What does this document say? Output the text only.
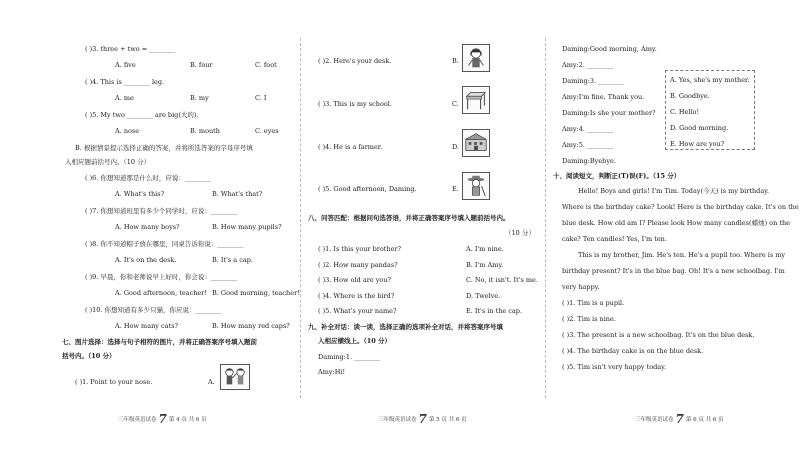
( )3. three + two = ________
A. five	B. four	C. foot
( )4. This is ________ leg.
A. me	B. my	C. I
( )5. My two ________ are big(大的).
A. nose	B. mouth	C. eyes
B. 根据情景提示选择正确的答案，并将所选答案的字母序号填
入相应题前括号内。（10 分）
( )6. 你想知道那是什么时，应说：________
A. What's this?	B. What's that?
( )7. 你想知道班里有多少个同学时，应说：________
A. How many boys?	B. How many pupils?
( )8. 你不知道帽子放在哪里，同桌告诉你说：________
A. It's on the desk.	B. It's a cap.
( )9. 早晨，你和老师说早上好时，你会说：________
A. Good afternoon, teacher! B. Good morning, teacher!
( )10. 你想知道有多少只猫，你应说：________
A. How many cats?	B. How many red caps?
七、图片选择：选择与句子相符的图片，并将正确答案序号填入题前
括号内。（10 分）
( )1. Point to your nose.	A.
三年级英语试卷 7 第 4 页 共 6 页
( )2. Here's your desk.	B.
( )3. This is my school.	C.
( )4. He is a farmer.	D.
( )5. Good afternoon, Daming.	E.
八、问答匹配：根据问句选答语，并将正确答案序号填入题前括号内。
（10 分）
( )1. Is this your brother?	A. I'm nine.
( )2. How many pandas?	B. I'm Amy.
( )3. How old are you?	C. No, it isn't. It's me.
( )4. Where is the bird?	D. Twelve.
( )5. What's your name?	E. It's in the cap.
九、补全对话：读一读，选择正确的选项补全对话，并将答案序号填
入相应横线上。（10 分）
Daming:1. ________
Amy:Hi!
三年级英语试卷 7 第 5 页 共 6 页
Daming:Good morning, Amy.
Amy:2. ________
Daming:3. ________
Amy:I'm fine. Thank you.
Daming:Is she your mother?
Amy:4. ________
Amy:5. ________
Daming:Byebye.
A. Yes, she's my mother.
B. Goodbye.
C. Hello!
D. Good morning.
E. How are you?
十、阅读短文，判断正(T)误(F)。（15 分）
Hello! Boys and girls! I'm Tim. Today(今天) is my birthday.
Where is the birthday cake? Look! Here is the birthday cake. It's on the
blue desk. How old am I? Please look How many candles(蜡烛) on the
cake? Ten candles! Yes, I'm ten.
This is my brother, Jim. He's ten. He's a pupil too. Where is my
birthday present? It's in the blue bag. Oh! It's a new schoolbag. I'm
very happy.
( )1. Tim is a pupil.
( )2. Tim is nine.
( )3. The present is a new schoolbag. It's on the blue desk.
( )4. The birthday cake is on the blue desk.
( )5. Tim isn't very happy today.
三年级英语试卷 7 第 6 页 共 6 页
